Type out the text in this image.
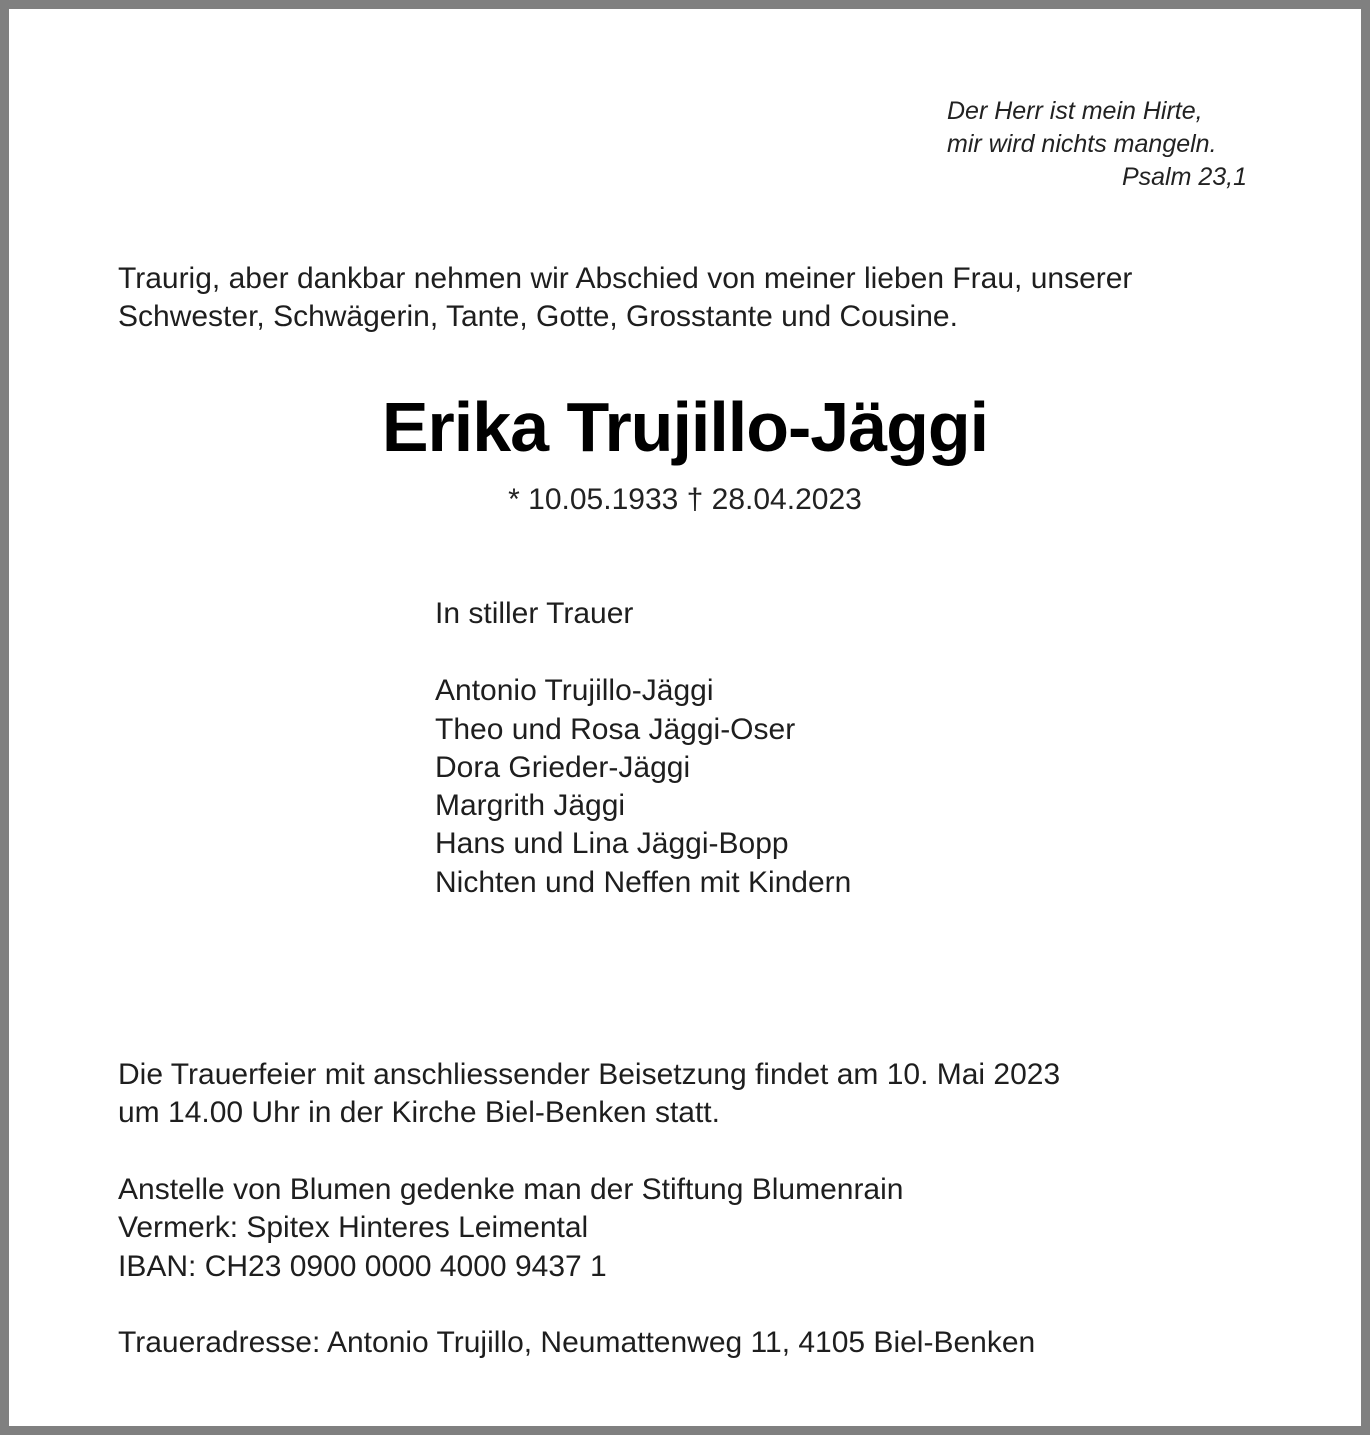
Der Herr ist mein Hirte,
mir wird nichts mangeln.
Psalm 23,1
Traurig, aber dankbar nehmen wir Abschied von meiner lieben Frau, unserer
Schwester, Schwägerin, Tante, Gotte, Grosstante und Cousine.
Erika Trujillo-Jäggi
* 10.05.1933 † 28.04.2023
In stiller Trauer
Antonio Trujillo-Jäggi
Theo und Rosa Jäggi-Oser
Dora Grieder-Jäggi
Margrith Jäggi
Hans und Lina Jäggi-Bopp
Nichten und Neffen mit Kindern
Die Trauerfeier mit anschliessender Beisetzung findet am 10. Mai 2023
um 14.00 Uhr in der Kirche Biel-Benken statt.
Anstelle von Blumen gedenke man der Stiftung Blumenrain
Vermerk: Spitex Hinteres Leimental
IBAN: CH23 0900 0000 4000 9437 1
Traueradresse: Antonio Trujillo, Neumattenweg 11, 4105 Biel-Benken
